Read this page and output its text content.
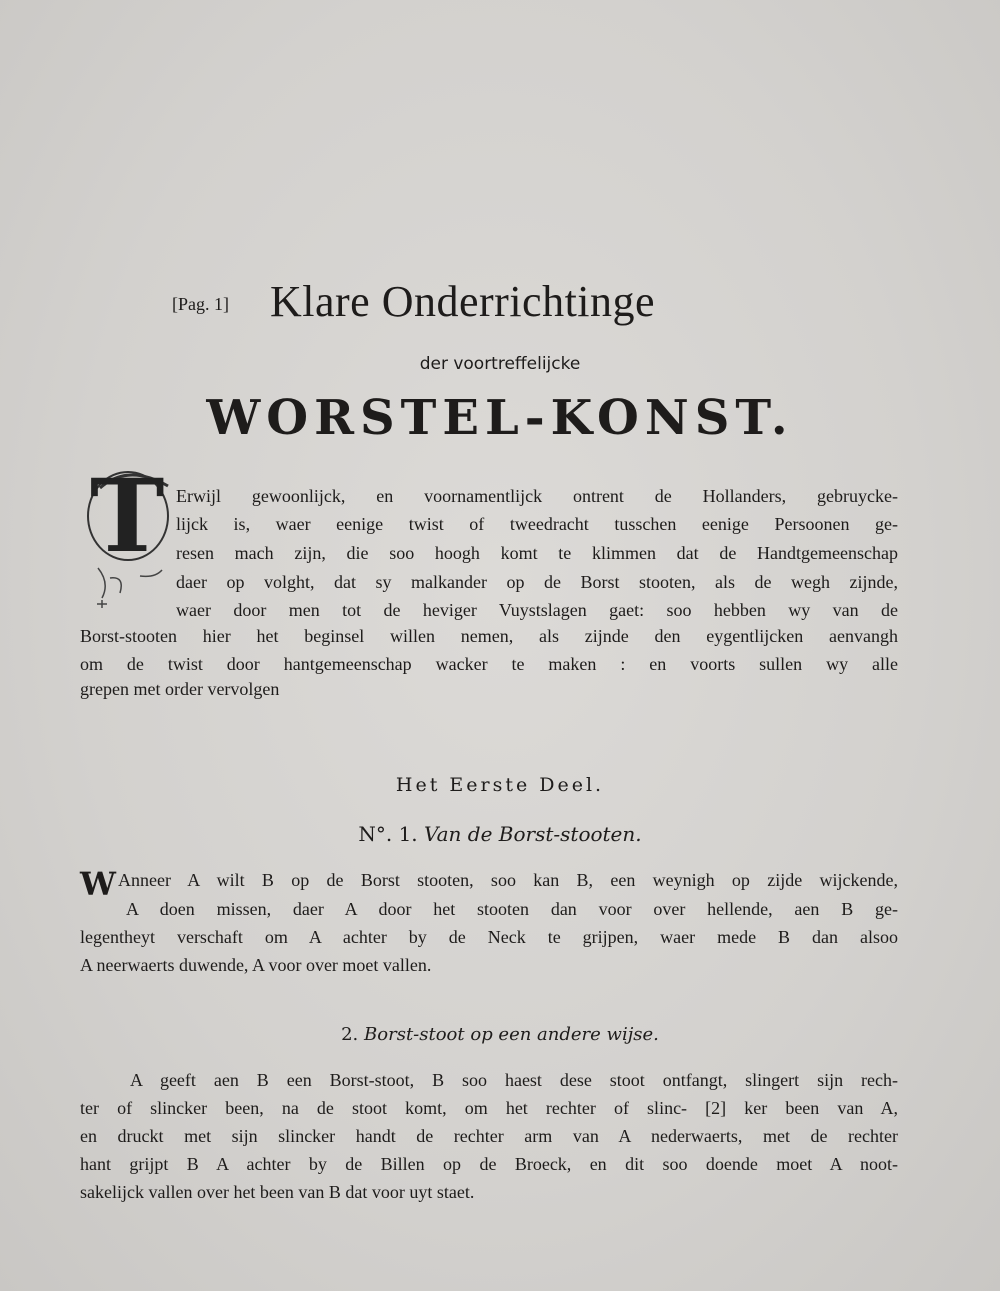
[Pag. 1] Klare Onderrichtinge
der voortreffelijcke
WORSTEL-KONST.
T Erwijl gewoonlijck, en voornamentlijck ontrent de Hollanders, gebruycke-
lijck is, waer eenige twist of tweedracht tusschen eenige Persoonen ge-
resen mach zijn, die soo hoogh komt te klimmen dat de Handtgemeenschap
daer op volght, dat sy malkander op de Borst stooten, als de wegh zijnde,
waer door men tot de heviger Vuystslagen gaet: soo hebben wy van de
Borst-stooten hier het beginsel willen nemen, als zijnde den eygentlijcken aenvangh
om de twist door hantgemeenschap wacker te maken : en voorts sullen wy alle
grepen met order vervolgen
Het Eerste Deel.
N°. 1. Van de Borst-stooten.
W Anneer A wilt B op de Borst stooten, soo kan B, een weynigh op zijde wijckende,
A doen missen, daer A door het stooten dan voor over hellende, aen B ge-
legentheyt verschaft om A achter by de Neck te grijpen, waer mede B dan alsoo
A neerwaerts duwende, A voor over moet vallen.
2. Borst-stoot op een andere wijse.
A geeft aen B een Borst-stoot, B soo haest dese stoot ontfangt, slingert sijn rech-
ter of slincker been, na de stoot komt, om het rechter of slinc- [2] ker been van A,
en druckt met sijn slincker handt de rechter arm van A nederwaerts, met de rechter
hant grijpt B A achter by de Billen op de Broeck, en dit soo doende moet A noot-
sakelijck vallen over het been van B dat voor uyt staet.
